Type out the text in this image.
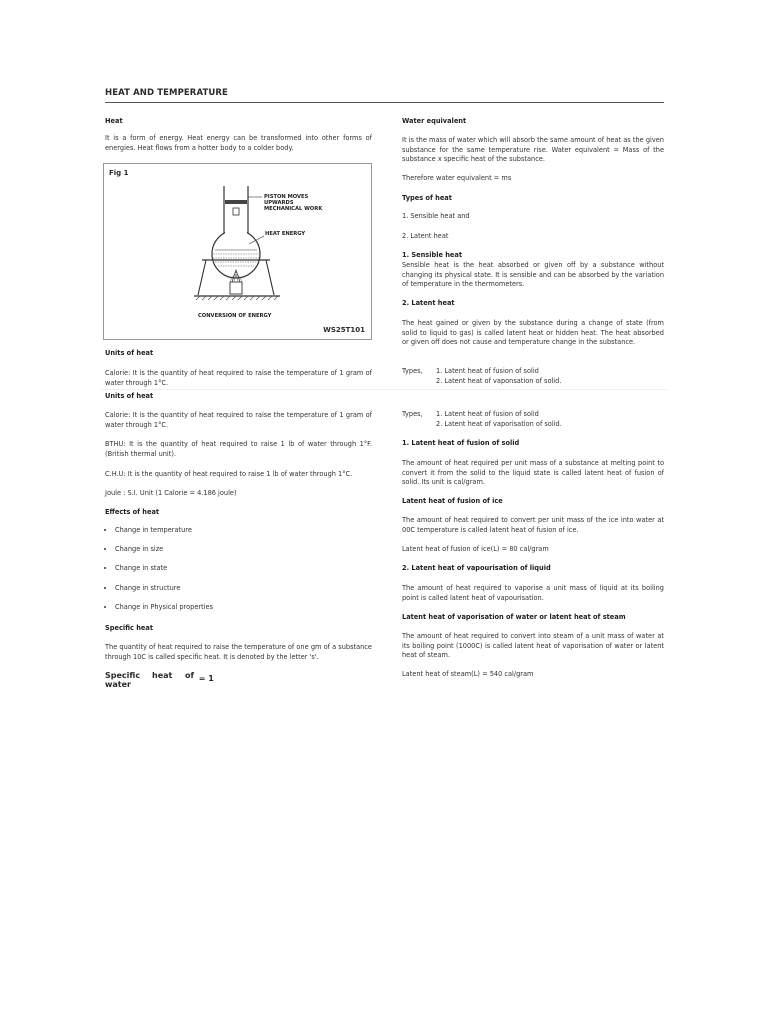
HEAT AND TEMPERATURE
Heat
It is a form of energy. Heat energy can be transformed into other forms of energies. Heat flows from a hotter body to a colder body.
Fig 1
PISTON MOVES
UPWARDS
MECHANICAL WORK
HEAT ENERGY
CONVERSION OF ENERGY
WS25T101
Units of heat
Calorie: It is the quantity of heat required to raise the temperature of 1 gram of water through 1°C.
Units of heat
Calorie: It is the quantity of heat required to raise the temperature of 1 gram of water through 1°C.
BTHU: It is the quantity of heat required to raise 1 lb of water through 1°F. (British thermal unit).
C.H.U: It is the quantity of heat required to raise 1 lb of water through 1°C.
Joule : S.I. Unit (1 Calorie = 4.186 joule)
Effects of heat
• Change in temperature
• Change in size
• Change in state
• Change in structure
• Change in Physical properties
Specific heat
The quantity of heat required to raise the temperature of one gm of a substance through 10C is called specific heat. It is denoted by the letter 's'.
Specific heat of = 1
water
Water equivalent
It is the mass of water which will absorb the same amount of heat as the given substance for the same temperature rise. Water equivalent = Mass of the substance x specific heat of the substance.
Therefore water equivalent = ms
Types of heat
1. Sensible heat and
2. Latent heat
1. Sensible heat
Sensible heat is the heat absorbed or given off by a substance without changing its physical state. It is sensible and can be absorbed by the variation of temperature in the thermometers.
2. Latent heat
The heat gained or given by the substance during a change of state (from solid to liquid to gas) is called latent heat or hidden heat. The heat absorbed or given off does not cause and temperature change in the substance.
Types,	1. Latent heat of fusion of solid
2. Latent heat of vaponsation of solid.
Types,	1. Latent heat of fusion of solid
2. Latent heat of vaporisation of solid.
1. Latent heat of fusion of solid
The amount of heat required per unit mass of a substance at melting point to convert it from the solid to the liquid state is called latent heat of fusion of solid. Its unit is cal/gram.
Latent heat of fusion of ice
The amount of heat required to convert per unit mass of the ice into water at 00C temperature is called latent heat of fusion of ice.
Latent heat of fusion of ice(L) = 80 cal/gram
2. Latent heat of vapourisation of liquid
The amount of heat required to vaporise a unit mass of liquid at its boiling point is called latent heat of vapourisation.
Latent heat of vaporisation of water or latent heat of steam
The amount of heat required to convert into steam of a unit mass of water at its boiling point (1000C) is called latent heat of vaporisation of water or latent heat of steam.
Latent heat of steam(L) = 540 cal/gram
